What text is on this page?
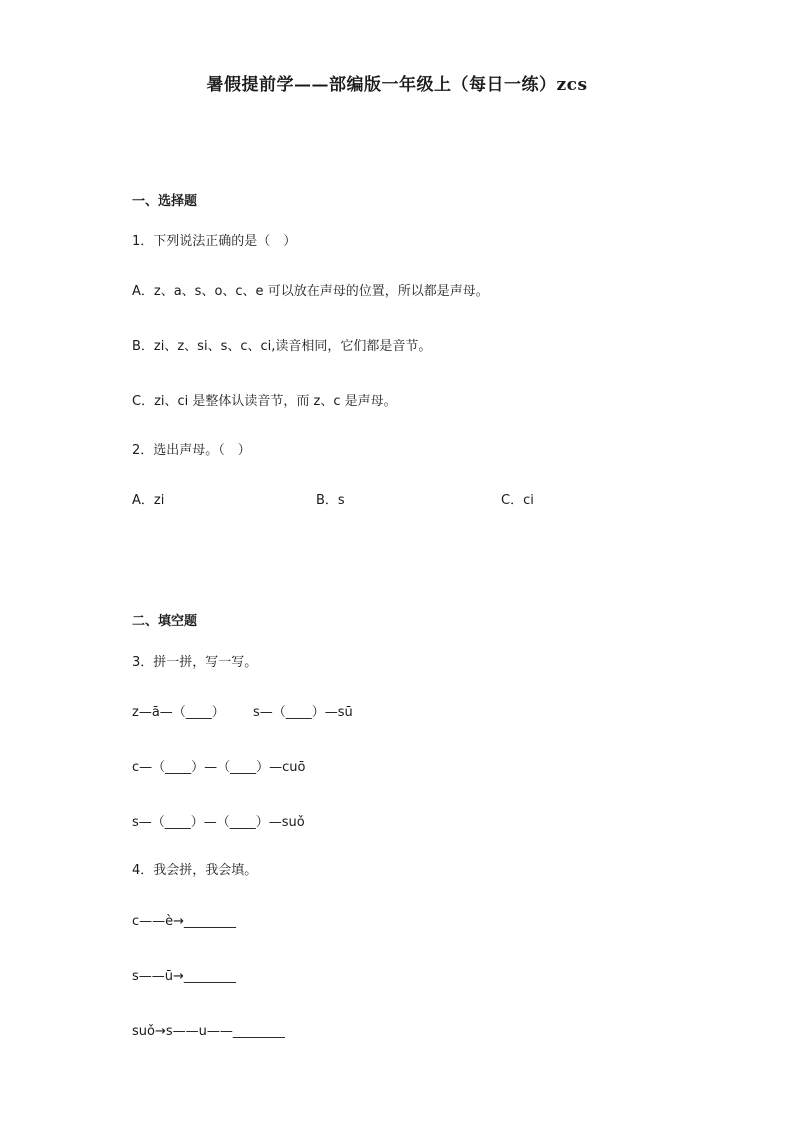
暑假提前学——部编版一年级上（每日一练）zcs
一、选择题
1．下列说法正确的是（　）
A．z、a、s、o、c、e 可以放在声母的位置，所以都是声母。
B．zi、z、si、s、c、ci,读音相同，它们都是音节。
C．zi、ci 是整体认读音节，而 z、c 是声母。
2．选出声母。（　）
A．zi	B．s	C．ci
二、填空题
3．拼一拼，写一写。
z—ā—（____） s—（____）—sū
c—（____）—（____）—cuō
s—（____）—（____）—suǒ
4．我会拼，我会填。
c——è→________
s——ū→________
suǒ→s——u——________
